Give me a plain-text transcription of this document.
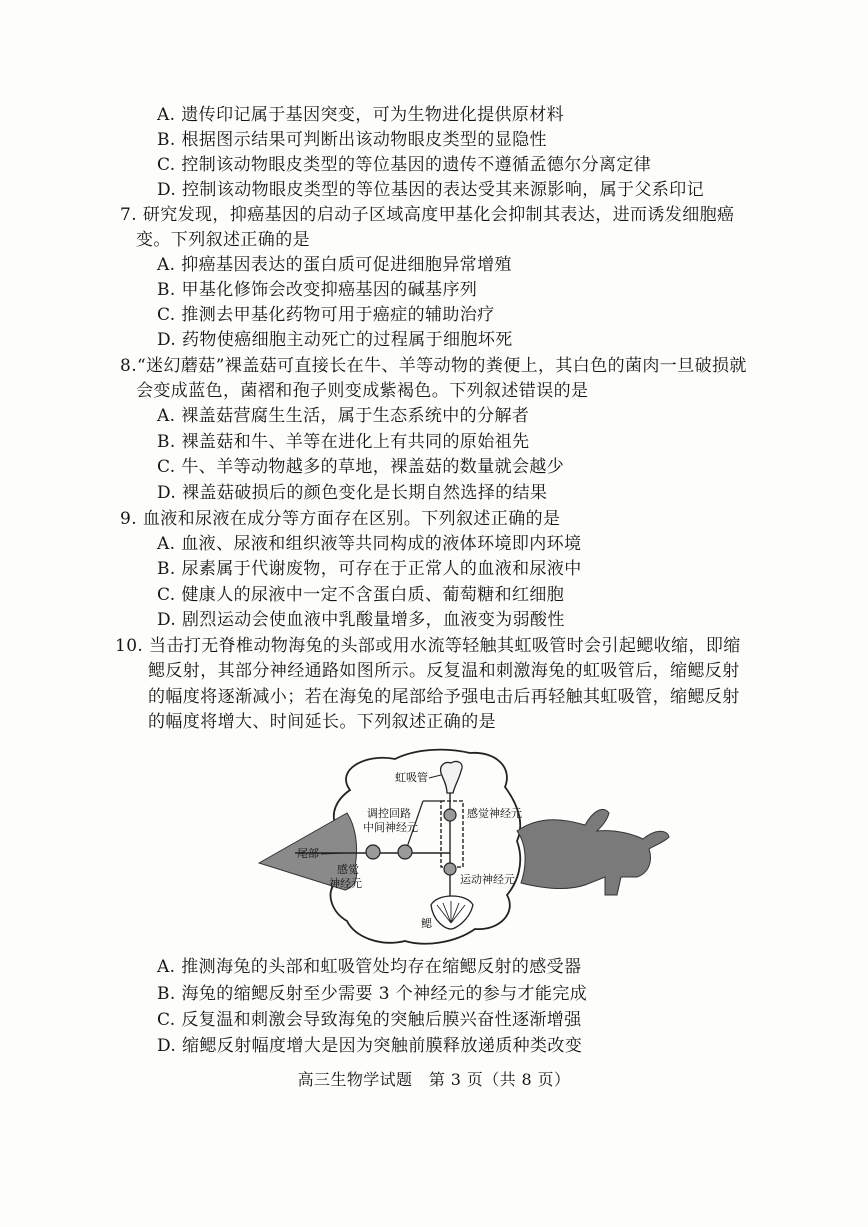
A. 遗传印记属于基因突变，可为生物进化提供原材料
B. 根据图示结果可判断出该动物眼皮类型的显隐性
C. 控制该动物眼皮类型的等位基因的遗传不遵循孟德尔分离定律
D. 控制该动物眼皮类型的等位基因的表达受其来源影响，属于父系印记
7. 研究发现，抑癌基因的启动子区域高度甲基化会抑制其表达，进而诱发细胞癌
变。下列叙述正确的是
A. 抑癌基因表达的蛋白质可促进细胞异常增殖
B. 甲基化修饰会改变抑癌基因的碱基序列
C. 推测去甲基化药物可用于癌症的辅助治疗
D. 药物使癌细胞主动死亡的过程属于细胞坏死
8.“迷幻蘑菇”裸盖菇可直接长在牛、羊等动物的粪便上，其白色的菌肉一旦破损就
会变成蓝色，菌褶和孢子则变成紫褐色。下列叙述错误的是
A. 裸盖菇营腐生生活，属于生态系统中的分解者
B. 裸盖菇和牛、羊等在进化上有共同的原始祖先
C. 牛、羊等动物越多的草地，裸盖菇的数量就会越少
D. 裸盖菇破损后的颜色变化是长期自然选择的结果
9. 血液和尿液在成分等方面存在区别。下列叙述正确的是
A. 血液、尿液和组织液等共同构成的液体环境即内环境
B. 尿素属于代谢废物，可存在于正常人的血液和尿液中
C. 健康人的尿液中一定不含蛋白质、葡萄糖和红细胞
D. 剧烈运动会使血液中乳酸量增多，血液变为弱酸性
10. 当击打无脊椎动物海兔的头部或用水流等轻触其虹吸管时会引起鳃收缩，即缩
鳃反射，其部分神经通路如图所示。反复温和刺激海兔的虹吸管后，缩鳃反射
的幅度将逐渐减小；若在海兔的尾部给予强电击后再轻触其虹吸管，缩鳃反射
的幅度将增大、时间延长。下列叙述正确的是
虹吸管
感觉神经元
调控回路
中间神经元
尾部
感觉
神经元	运动神经元
鳃
A. 推测海兔的头部和虹吸管处均存在缩鳃反射的感受器
B. 海兔的缩鳃反射至少需要 3 个神经元的参与才能完成
C. 反复温和刺激会导致海兔的突触后膜兴奋性逐渐增强
D. 缩鳃反射幅度增大是因为突触前膜释放递质种类改变
高三生物学试题　第 3 页（共 8 页）
